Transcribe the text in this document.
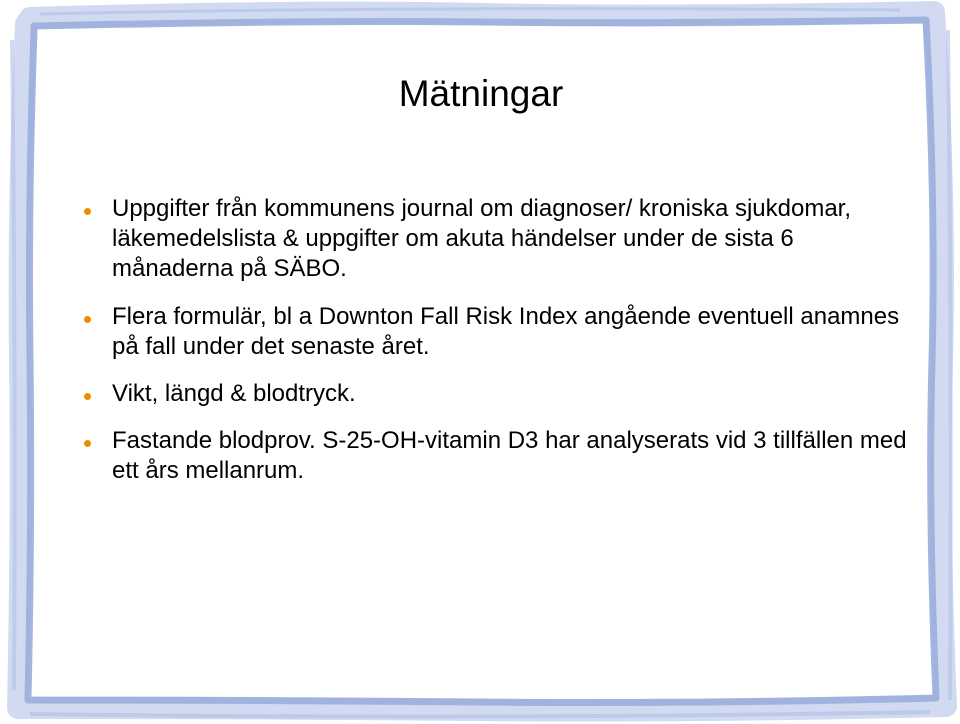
Mätningar
Uppgifter från kommunens journal om diagnoser/ kroniska sjukdomar, läkemedelslista & uppgifter om akuta händelser under de sista 6 månaderna på SÄBO.
Flera formulär, bl a Downton Fall Risk Index angående eventuell anamnes på fall under det senaste året.
Vikt, längd & blodtryck.
Fastande blodprov. S-25-OH-vitamin D3 har analyserats vid 3 tillfällen med ett års mellanrum.
